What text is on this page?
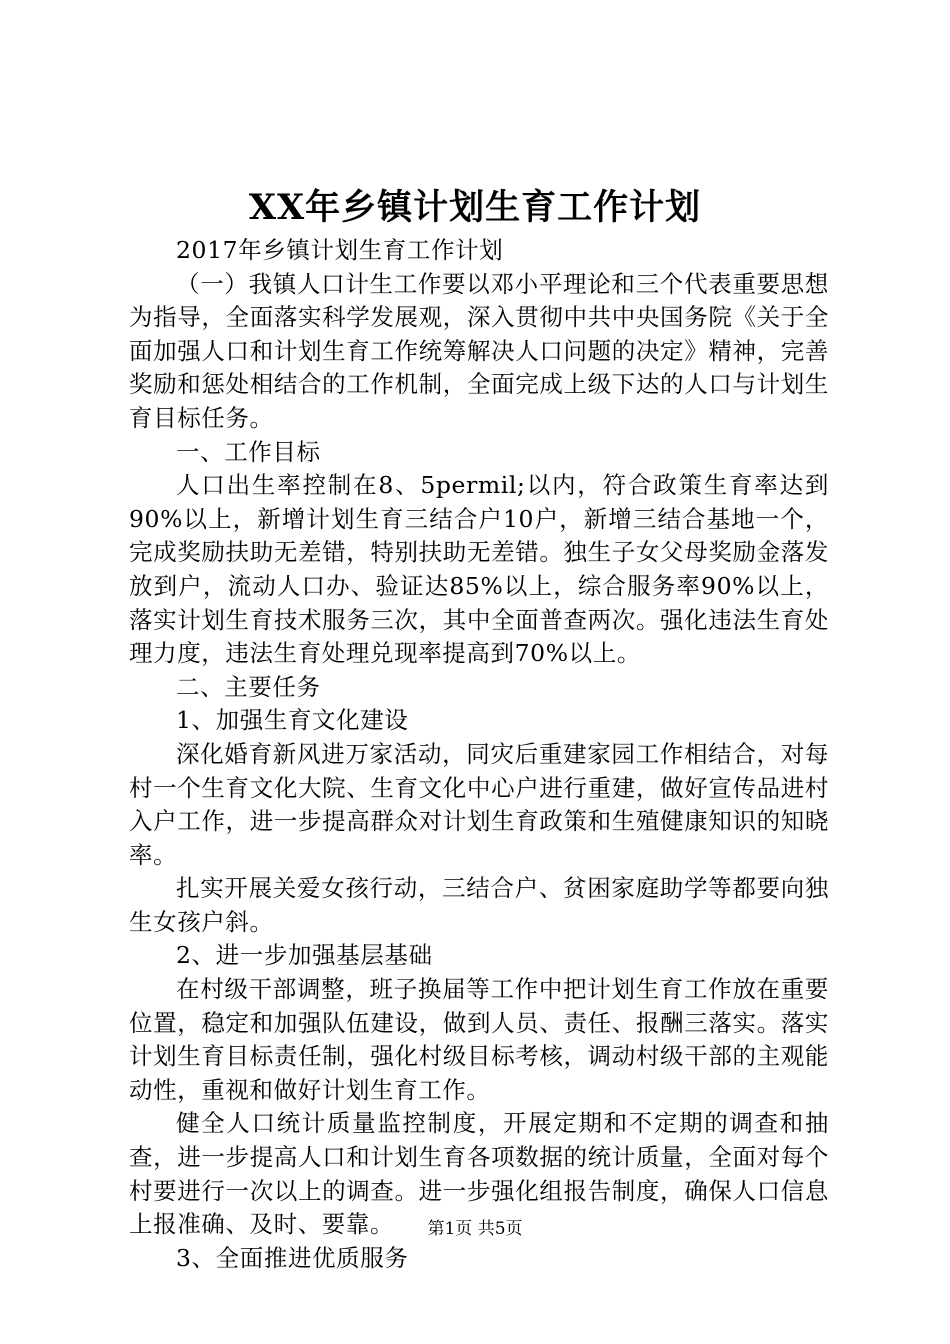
XX年乡镇计划生育工作计划

2017年乡镇计划生育工作计划

（一）我镇人口计生工作要以邓小平理论和三个代表重要思想为指导，全面落实科学发展观，深入贯彻中共中央国务院《关于全面加强人口和计划生育工作统筹解决人口问题的决定》精神，完善奖励和惩处相结合的工作机制，全面完成上级下达的人口与计划生育目标任务。

一、工作目标

人口出生率控制在8、5permil;以内，符合政策生育率达到90%以上，新增计划生育三结合户10户，新增三结合基地一个，完成奖励扶助无差错，特别扶助无差错。独生子女父母奖励金落发放到户，流动人口办、验证达85%以上，综合服务率90%以上，落实计划生育技术服务三次，其中全面普查两次。强化违法生育处理力度，违法生育处理兑现率提高到70%以上。

二、主要任务

1、加强生育文化建设

深化婚育新风进万家活动，同灾后重建家园工作相结合，对每村一个生育文化大院、生育文化中心户进行重建，做好宣传品进村入户工作，进一步提高群众对计划生育政策和生殖健康知识的知晓率。

扎实开展关爱女孩行动，三结合户、贫困家庭助学等都要向独生女孩户斜。

2、进一步加强基层基础

在村级干部调整，班子换届等工作中把计划生育工作放在重要位置，稳定和加强队伍建设，做到人员、责任、报酬三落实。落实计划生育目标责任制，强化村级目标考核，调动村级干部的主观能动性，重视和做好计划生育工作。

健全人口统计质量监控制度，开展定期和不定期的调查和抽查，进一步提高人口和计划生育各项数据的统计质量，全面对每个村要进行一次以上的调查。进一步强化组报告制度，确保人口信息上报准确、及时、要靠。

3、全面推进优质服务

第1页 共5页
